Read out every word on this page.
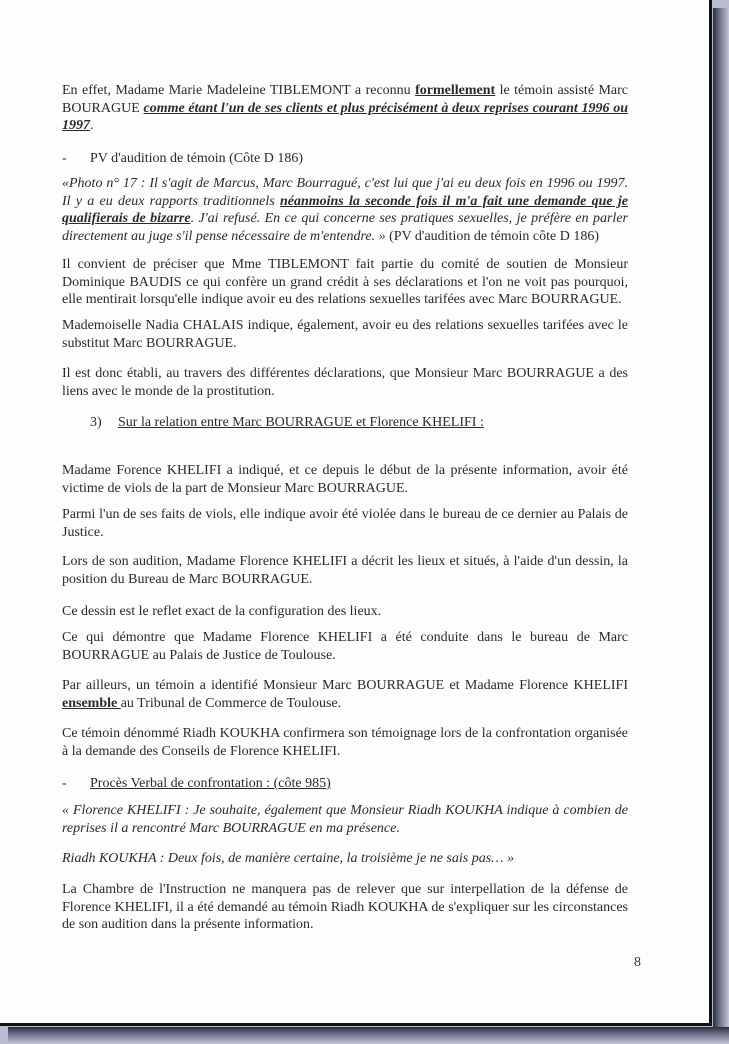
En effet, Madame Marie Madeleine TIBLEMONT a reconnu formellement le témoin assisté Marc BOURAGUE comme étant l'un de ses clients et plus précisément à deux reprises courant 1996 ou 1997.

- PV d'audition de témoin (Côte D 186)

«Photo n° 17 : Il s'agit de Marcus, Marc Bourragué, c'est lui que j'ai eu deux fois en 1996 ou 1997. Il y a eu deux rapports traditionnels néanmoins la seconde fois il m'a fait une demande que je qualifierais de bizarre. J'ai refusé. En ce qui concerne ses pratiques sexuelles, je préfère en parler directement au juge s'il pense nécessaire de m'entendre. » (PV d'audition de témoin côte D 186)

Il convient de préciser que Mme TIBLEMONT fait partie du comité de soutien de Monsieur Dominique BAUDIS ce qui confère un grand crédit à ses déclarations et l'on ne voit pas pourquoi, elle mentirait lorsqu'elle indique avoir eu des relations sexuelles tarifées avec Marc BOURRAGUE.

Mademoiselle Nadia CHALAIS indique, également, avoir eu des relations sexuelles tarifées avec le substitut Marc BOURRAGUE.

Il est donc établi, au travers des différentes déclarations, que Monsieur Marc BOURRAGUE a des liens avec le monde de la prostitution.

3) Sur la relation entre Marc BOURRAGUE et Florence KHELIFI :

Madame Forence KHELIFI a indiqué, et ce depuis le début de la présente information, avoir été victime de viols de la part de Monsieur Marc BOURRAGUE.

Parmi l'un de ses faits de viols, elle indique avoir été violée dans le bureau de ce dernier au Palais de Justice.

Lors de son audition, Madame Florence KHELIFI a décrit les lieux et situés, à l'aide d'un dessin, la position du Bureau de Marc BOURRAGUE.

Ce dessin est le reflet exact de la configuration des lieux.

Ce qui démontre que Madame Florence KHELIFI a été conduite dans le bureau de Marc BOURRAGUE au Palais de Justice de Toulouse.

Par ailleurs, un témoin a identifié Monsieur Marc BOURRAGUE et Madame Florence KHELIFI ensemble au Tribunal de Commerce de Toulouse.

Ce témoin dénommé Riadh KOUKHA confirmera son témoignage lors de la confrontation organisée à la demande des Conseils de Florence KHELIFI.

- Procès Verbal de confrontation : (côte 985)

« Florence KHELIFI : Je souhaite, également que Monsieur Riadh KOUKHA indique à combien de reprises il a rencontré Marc BOURRAGUE en ma présence.

Riadh KOUKHA : Deux fois, de manière certaine, la troisième je ne sais pas… »

La Chambre de l'Instruction ne manquera pas de relever que sur interpellation de la défense de Florence KHELIFI, il a été demandé au témoin Riadh KOUKHA de s'expliquer sur les circonstances de son audition dans la présente information.

8
